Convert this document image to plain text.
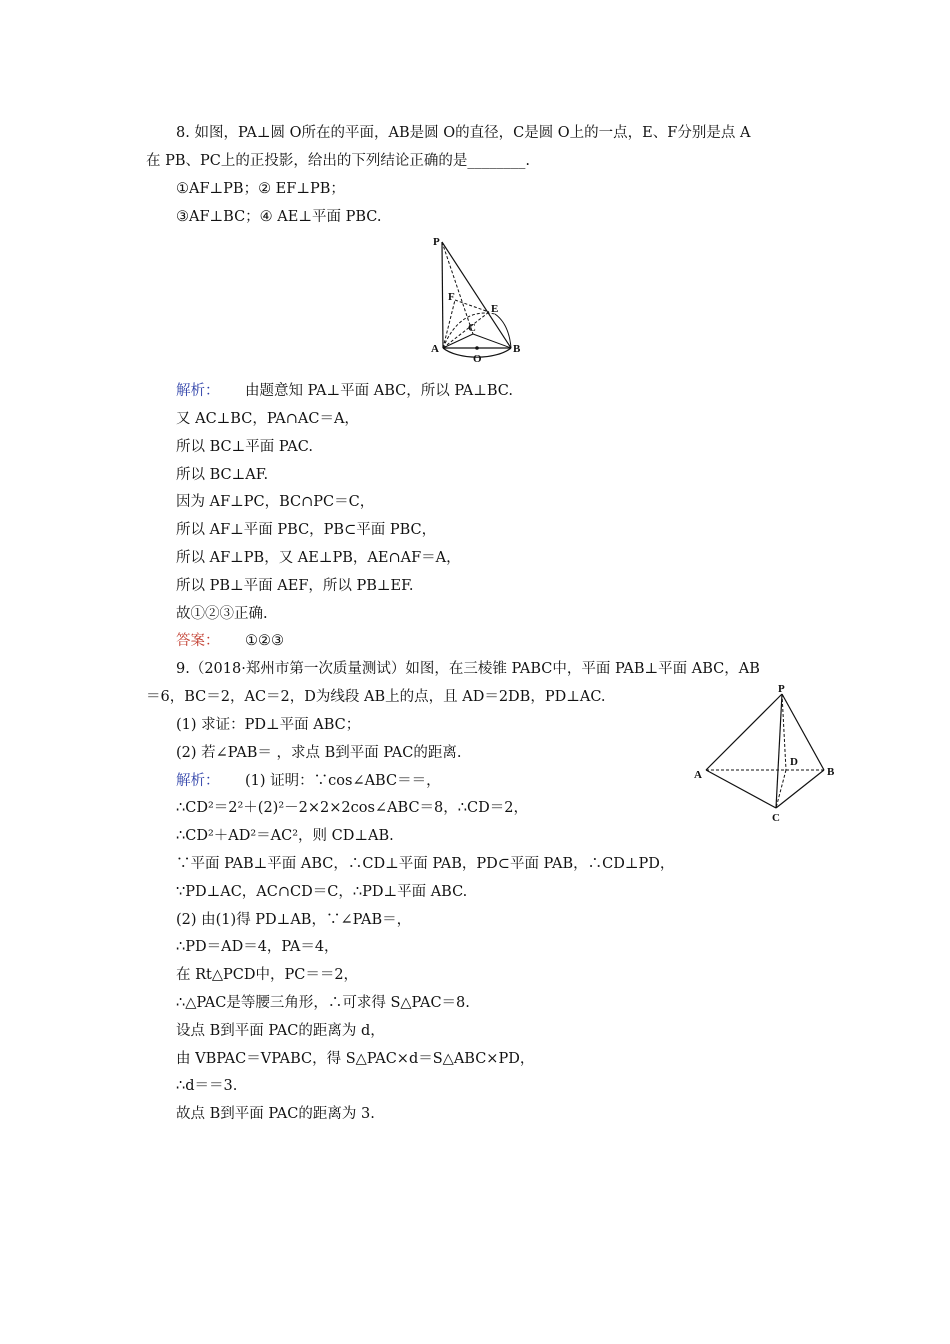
8. 如图，PA⊥圆 O所在的平面，AB是圆 O的直径，C是圆 O上的一点，E、F分别是点 A
在 PB、PC上的正投影，给出的下列结论正确的是________.
①AF⊥PB；② EF⊥PB；
③AF⊥BC；④ AE⊥平面 PBC.
P
F
E
C
A
O
B
解析： 由题意知 PA⊥平面 ABC，所以 PA⊥BC.
又 AC⊥BC，PA∩AC＝A，
所以 BC⊥平面 PAC.
所以 BC⊥AF.
因为 AF⊥PC，BC∩PC＝C，
所以 AF⊥平面 PBC，PB⊂平面 PBC，
所以 AF⊥PB，又 AE⊥PB，AE∩AF＝A，
所以 PB⊥平面 AEF，所以 PB⊥EF.
故①②③正确.
答案： ①②③
9.（2018·郑州市第一次质量测试）如图，在三棱锥 PABC中，平面 PAB⊥平面 ABC，AB
＝6，BC＝2，AC＝2，D为线段 AB上的点，且 AD＝2DB，PD⊥AC.
(1) 求证：PD⊥平面 ABC；
(2) 若∠PAB＝ ，求点 B到平面 PAC的距离.
P
A	B
C
D
解析： (1) 证明：∵cos∠ABC＝＝，
∴CD²＝2²＋(2)²－2×2×2cos∠ABC＝8，∴CD＝2，
∴CD²＋AD²＝AC²，则 CD⊥AB.
∵平面 PAB⊥平面 ABC，∴CD⊥平面 PAB，PD⊂平面 PAB，∴CD⊥PD，
∵PD⊥AC，AC∩CD＝C，∴PD⊥平面 ABC.
(2) 由(1)得 PD⊥AB，∵∠PAB＝，
∴PD＝AD＝4，PA＝4，
在 Rt△PCD中，PC＝＝2，
∴△PAC是等腰三角形，∴可求得 S△PAC＝8.
设点 B到平面 PAC的距离为 d，
由 VBPAC＝VPABC，得 S△PAC×d＝S△ABC×PD，
∴d＝＝3.
故点 B到平面 PAC的距离为 3.
